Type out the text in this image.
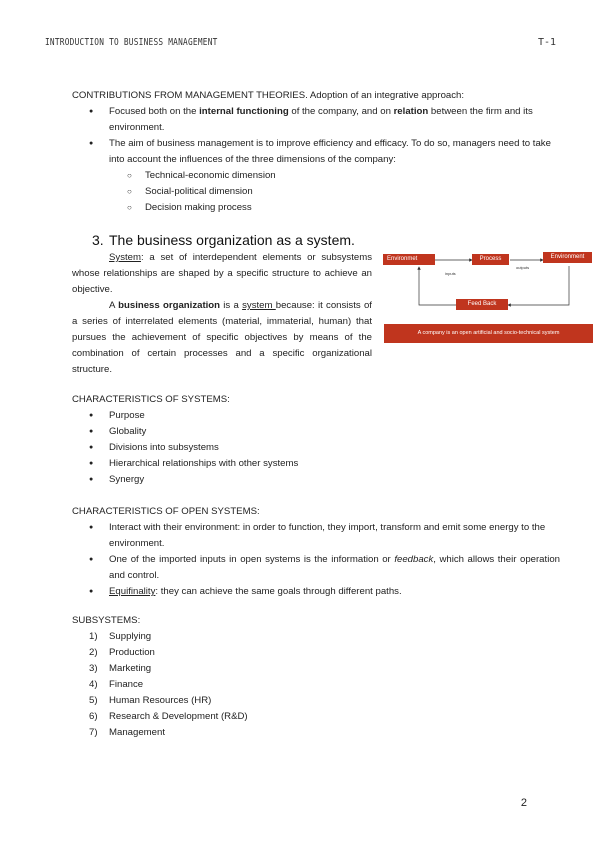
INTRODUCTION TO BUSINESS MANAGEMENT	T-1

CONTRIBUTIONS FROM MANAGEMENT THEORIES. Adoption of an integrative approach:

● Focused both on the internal functioning of the company, and on relation between the firm and its environment.

● The aim of business management is to improve efficiency and efficacy. To do so, managers need to take into account the influences of the three dimensions of the company:

○ Technical-economic dimension

○ Social-political dimension

○ Decision making process

3. The business organization as a system.

System: a set of interdependent elements or subsystems whose relationships are shaped by a specific structure to achieve an objective.

A business organization is a system because: it consists of a series of interrelated elements (material, immaterial, human) that pursues the achievement of specific objectives by means of the combination of certain processes and a specific organizational structure.

inputs
outputs
Environmet	Process	Environment
Feed Back
A company is an open artificial and socio-technical system

CHARACTERISTICS OF SYSTEMS:

● Purpose

● Globality

● Divisions into subsystems

● Hierarchical relationships with other systems

● Synergy

CHARACTERISTICS OF OPEN SYSTEMS:

● Interact with their environment: in order to function, they import, transform and emit some energy to the environment.

● One of the imported inputs in open systems is the information or feedback, which allows their operation and control.

● Equifinality: they can achieve the same goals through different paths.

SUBSYSTEMS:

1) Supplying

2) Production

3) Marketing

4) Finance

5) Human Resources (HR)

6) Research & Development (R&D)

7) Management

2
